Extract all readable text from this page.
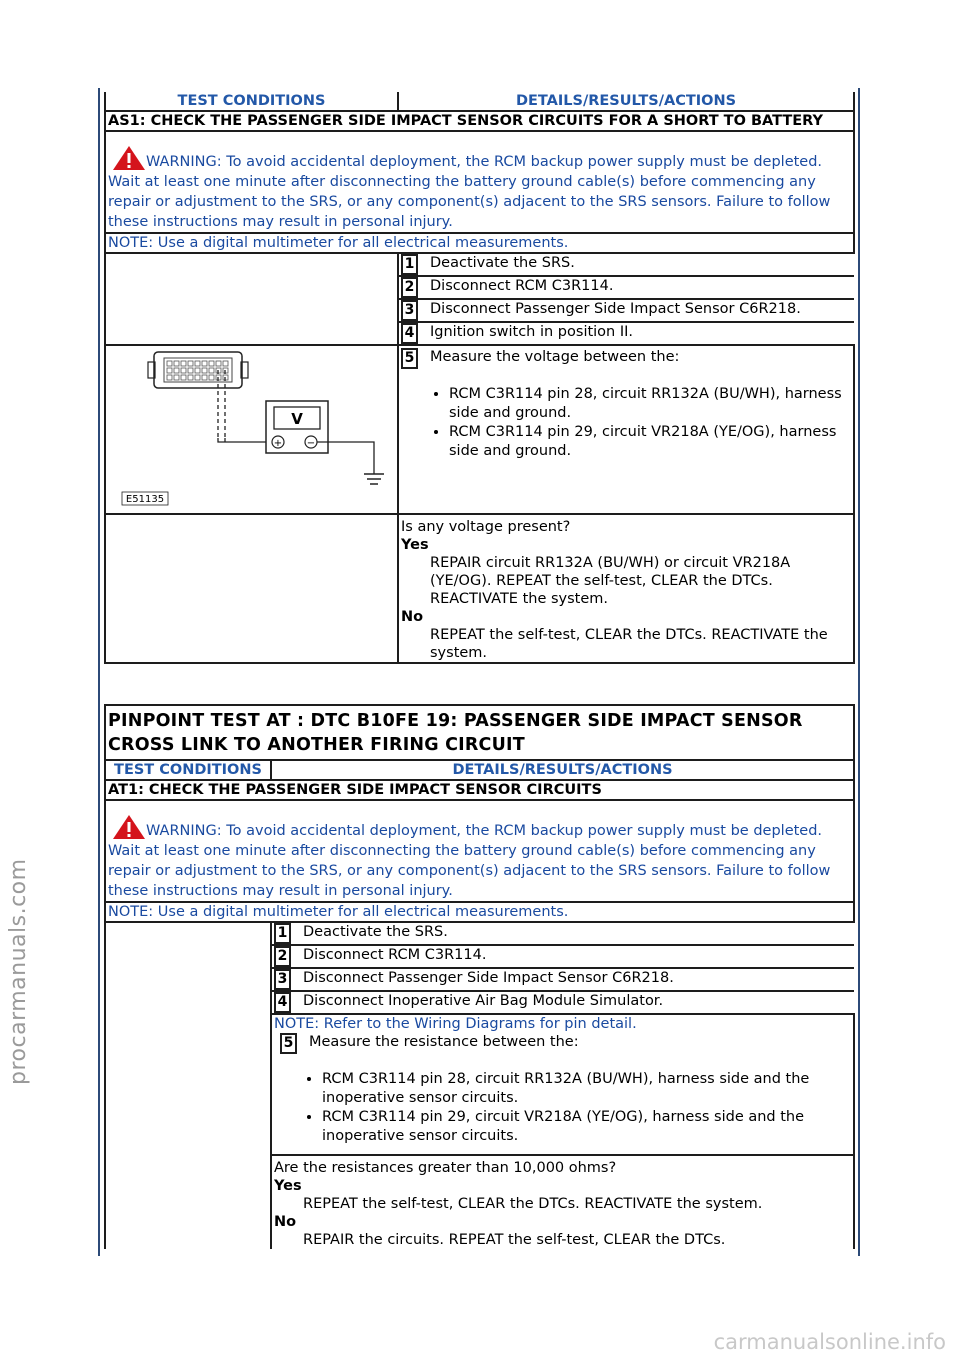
procarmanuals.com
carmanualsonline.info
TEST CONDITIONS	DETAILS/RESULTS/ACTIONS
AS1: CHECK THE PASSENGER SIDE IMPACT SENSOR CIRCUITS FOR A SHORT TO BATTERY
WARNING: To avoid accidental deployment, the RCM backup power supply must be depleted. Wait at least one minute after disconnecting the battery ground cable(s) before commencing any repair or adjustment to the SRS, or any component(s) adjacent to the SRS sensors. Failure to follow these instructions may result in personal injury.
NOTE: Use a digital multimeter for all electrical measurements.

1 Deactivate the SRS.

2 Disconnect RCM C3R114.

3 Disconnect Passenger Side Impact Sensor C6R218.

4 Ignition switch in position II.

V
+ −
E51135

5 Measure the voltage between the:
• RCM C3R114 pin 28, circuit RR132A (BU/WH), harness side and ground.
• RCM C3R114 pin 29, circuit VR218A (YE/OG), harness side and ground.

Is any voltage present?
Yes
REPAIR circuit RR132A (BU/WH) or circuit VR218A (YE/OG). REPEAT the self-test, CLEAR the DTCs. REACTIVATE the system.
No
REPEAT the self-test, CLEAR the DTCs. REACTIVATE the system.
PINPOINT TEST AT : DTC B10FE 19: PASSENGER SIDE IMPACT SENSOR CROSS LINK TO ANOTHER FIRING CIRCUIT
TEST CONDITIONS	DETAILS/RESULTS/ACTIONS
AT1: CHECK THE PASSENGER SIDE IMPACT SENSOR CIRCUITS
WARNING: To avoid accidental deployment, the RCM backup power supply must be depleted. Wait at least one minute after disconnecting the battery ground cable(s) before commencing any repair or adjustment to the SRS, or any component(s) adjacent to the SRS sensors. Failure to follow these instructions may result in personal injury.
NOTE: Use a digital multimeter for all electrical measurements.

1 Deactivate the SRS.

2 Disconnect RCM C3R114.

3 Disconnect Passenger Side Impact Sensor C6R218.

4 Disconnect Inoperative Air Bag Module Simulator.

NOTE: Refer to the Wiring Diagrams for pin detail.
5 Measure the resistance between the:
• RCM C3R114 pin 28, circuit RR132A (BU/WH), harness side and the inoperative sensor circuits.
• RCM C3R114 pin 29, circuit VR218A (YE/OG), harness side and the inoperative sensor circuits.

Are the resistances greater than 10,000 ohms?
Yes
REPEAT the self-test, CLEAR the DTCs. REACTIVATE the system.
No
REPAIR the circuits. REPEAT the self-test, CLEAR the DTCs.
